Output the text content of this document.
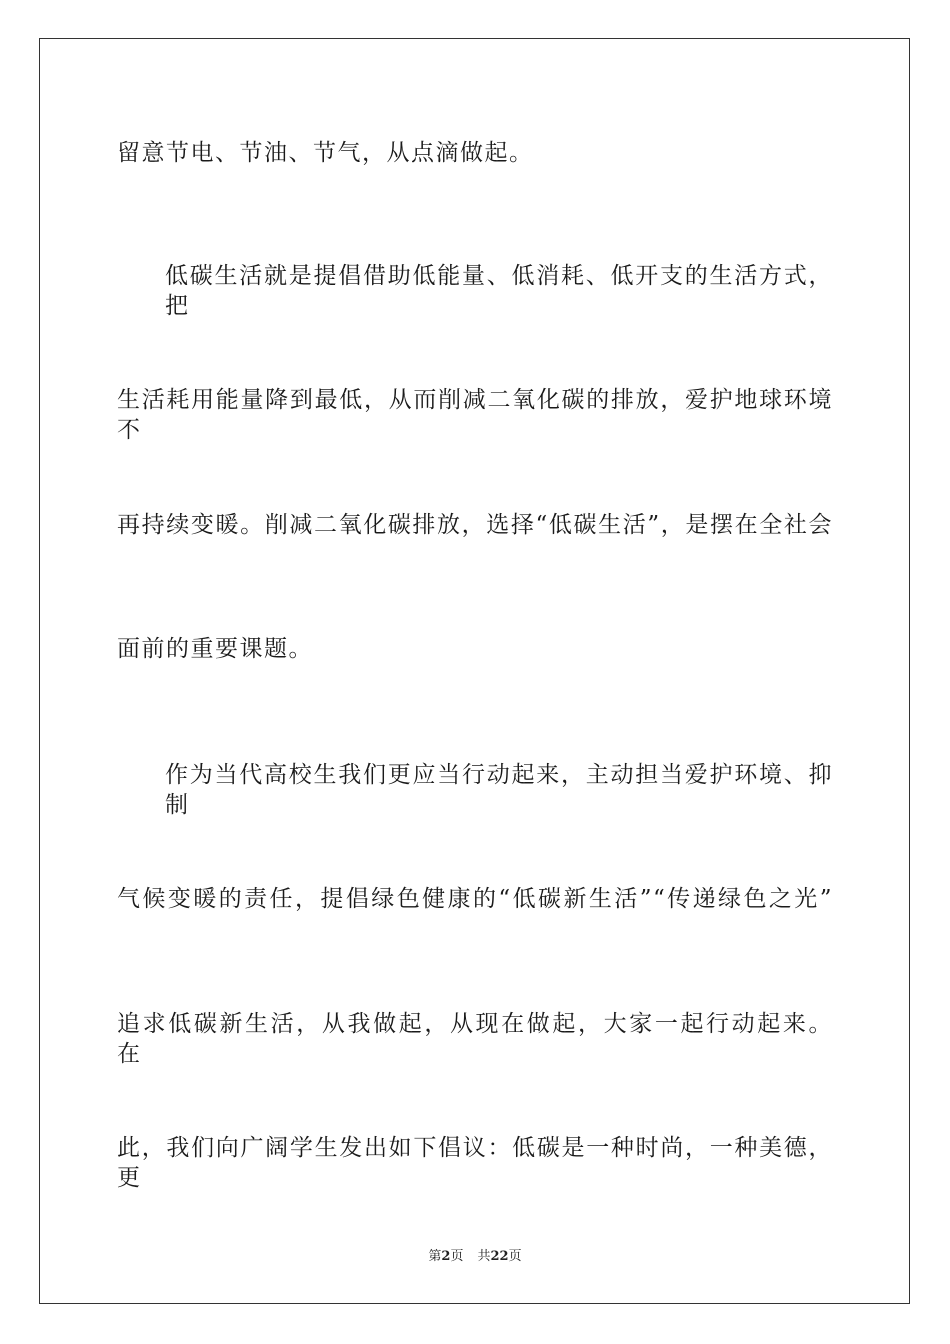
留意节电、节油、节气，从点滴做起。
低碳生活就是提倡借助低能量、低消耗、低开支的生活方式，把
生活耗用能量降到最低，从而削减二氧化碳的排放，爱护地球环境不
再持续变暖。削减二氧化碳排放，选择“低碳生活”，是摆在全社会
面前的重要课题。
作为当代高校生我们更应当行动起来，主动担当爱护环境、抑制
气候变暖的责任，提倡绿色健康的“低碳新生活”“传递绿色之光”
追求低碳新生活，从我做起，从现在做起，大家一起行动起来。 在
此，我们向广阔学生发出如下倡议：低碳是一种时尚，一种美德，更
第2页 共22页
